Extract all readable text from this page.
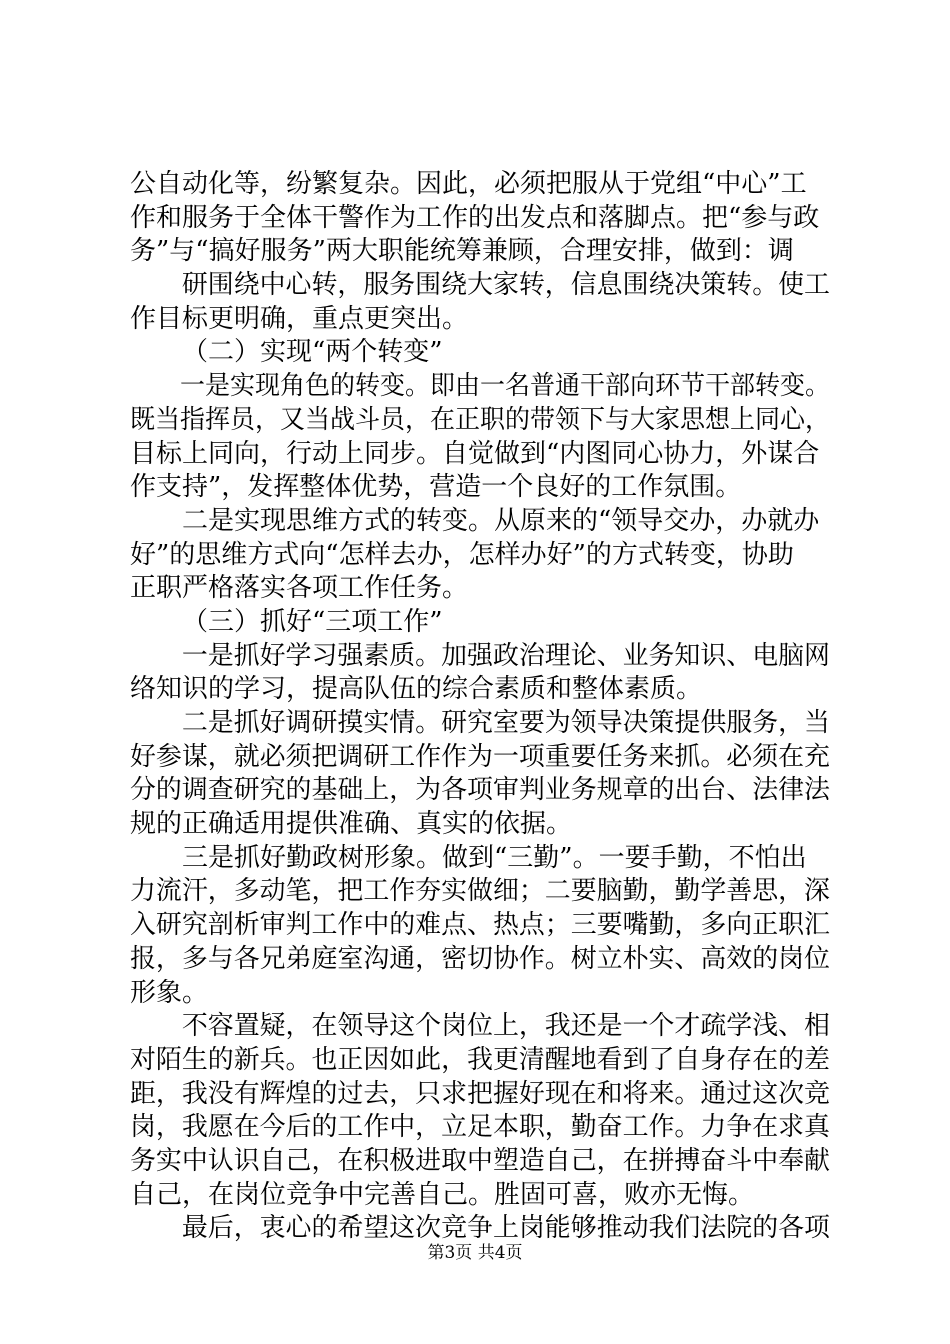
公自动化等，纷繁复杂。因此，必须把服从于党组“中心”工
作和服务于全体干警作为工作的出发点和落脚点。把“参与政
务”与“搞好服务”两大职能统筹兼顾，合理安排，做到：调
研围绕中心转，服务围绕大家转，信息围绕决策转。使工
作目标更明确，重点更突出。
（二）实现“两个转变”
一是实现角色的转变。即由一名普通干部向环节干部转变。
既当指挥员，又当战斗员，在正职的带领下与大家思想上同心，
目标上同向，行动上同步。自觉做到“内图同心协力，外谋合
作支持”，发挥整体优势，营造一个良好的工作氛围。
二是实现思维方式的转变。从原来的“领导交办，办就办
好”的思维方式向“怎样去办，怎样办好”的方式转变，协助
正职严格落实各项工作任务。
（三）抓好“三项工作”
一是抓好学习强素质。加强政治理论、业务知识、电脑网
络知识的学习，提高队伍的综合素质和整体素质。
二是抓好调研摸实情。研究室要为领导决策提供服务，当
好参谋，就必须把调研工作作为一项重要任务来抓。必须在充
分的调查研究的基础上，为各项审判业务规章的出台、法律法
规的正确适用提供准确、真实的依据。
三是抓好勤政树形象。做到“三勤”。一要手勤，不怕出
力流汗，多动笔，把工作夯实做细；二要脑勤，勤学善思，深
入研究剖析审判工作中的难点、热点；三要嘴勤，多向正职汇
报，多与各兄弟庭室沟通，密切协作。树立朴实、高效的岗位
形象。
不容置疑，在领导这个岗位上，我还是一个才疏学浅、相
对陌生的新兵。也正因如此，我更清醒地看到了自身存在的差
距，我没有辉煌的过去，只求把握好现在和将来。通过这次竞
岗，我愿在今后的工作中，立足本职，勤奋工作。力争在求真
务实中认识自己，在积极进取中塑造自己，在拼搏奋斗中奉献
自己，在岗位竞争中完善自己。胜固可喜，败亦无悔。
最后，衷心的希望这次竞争上岗能够推动我们法院的各项
第3页 共4页
